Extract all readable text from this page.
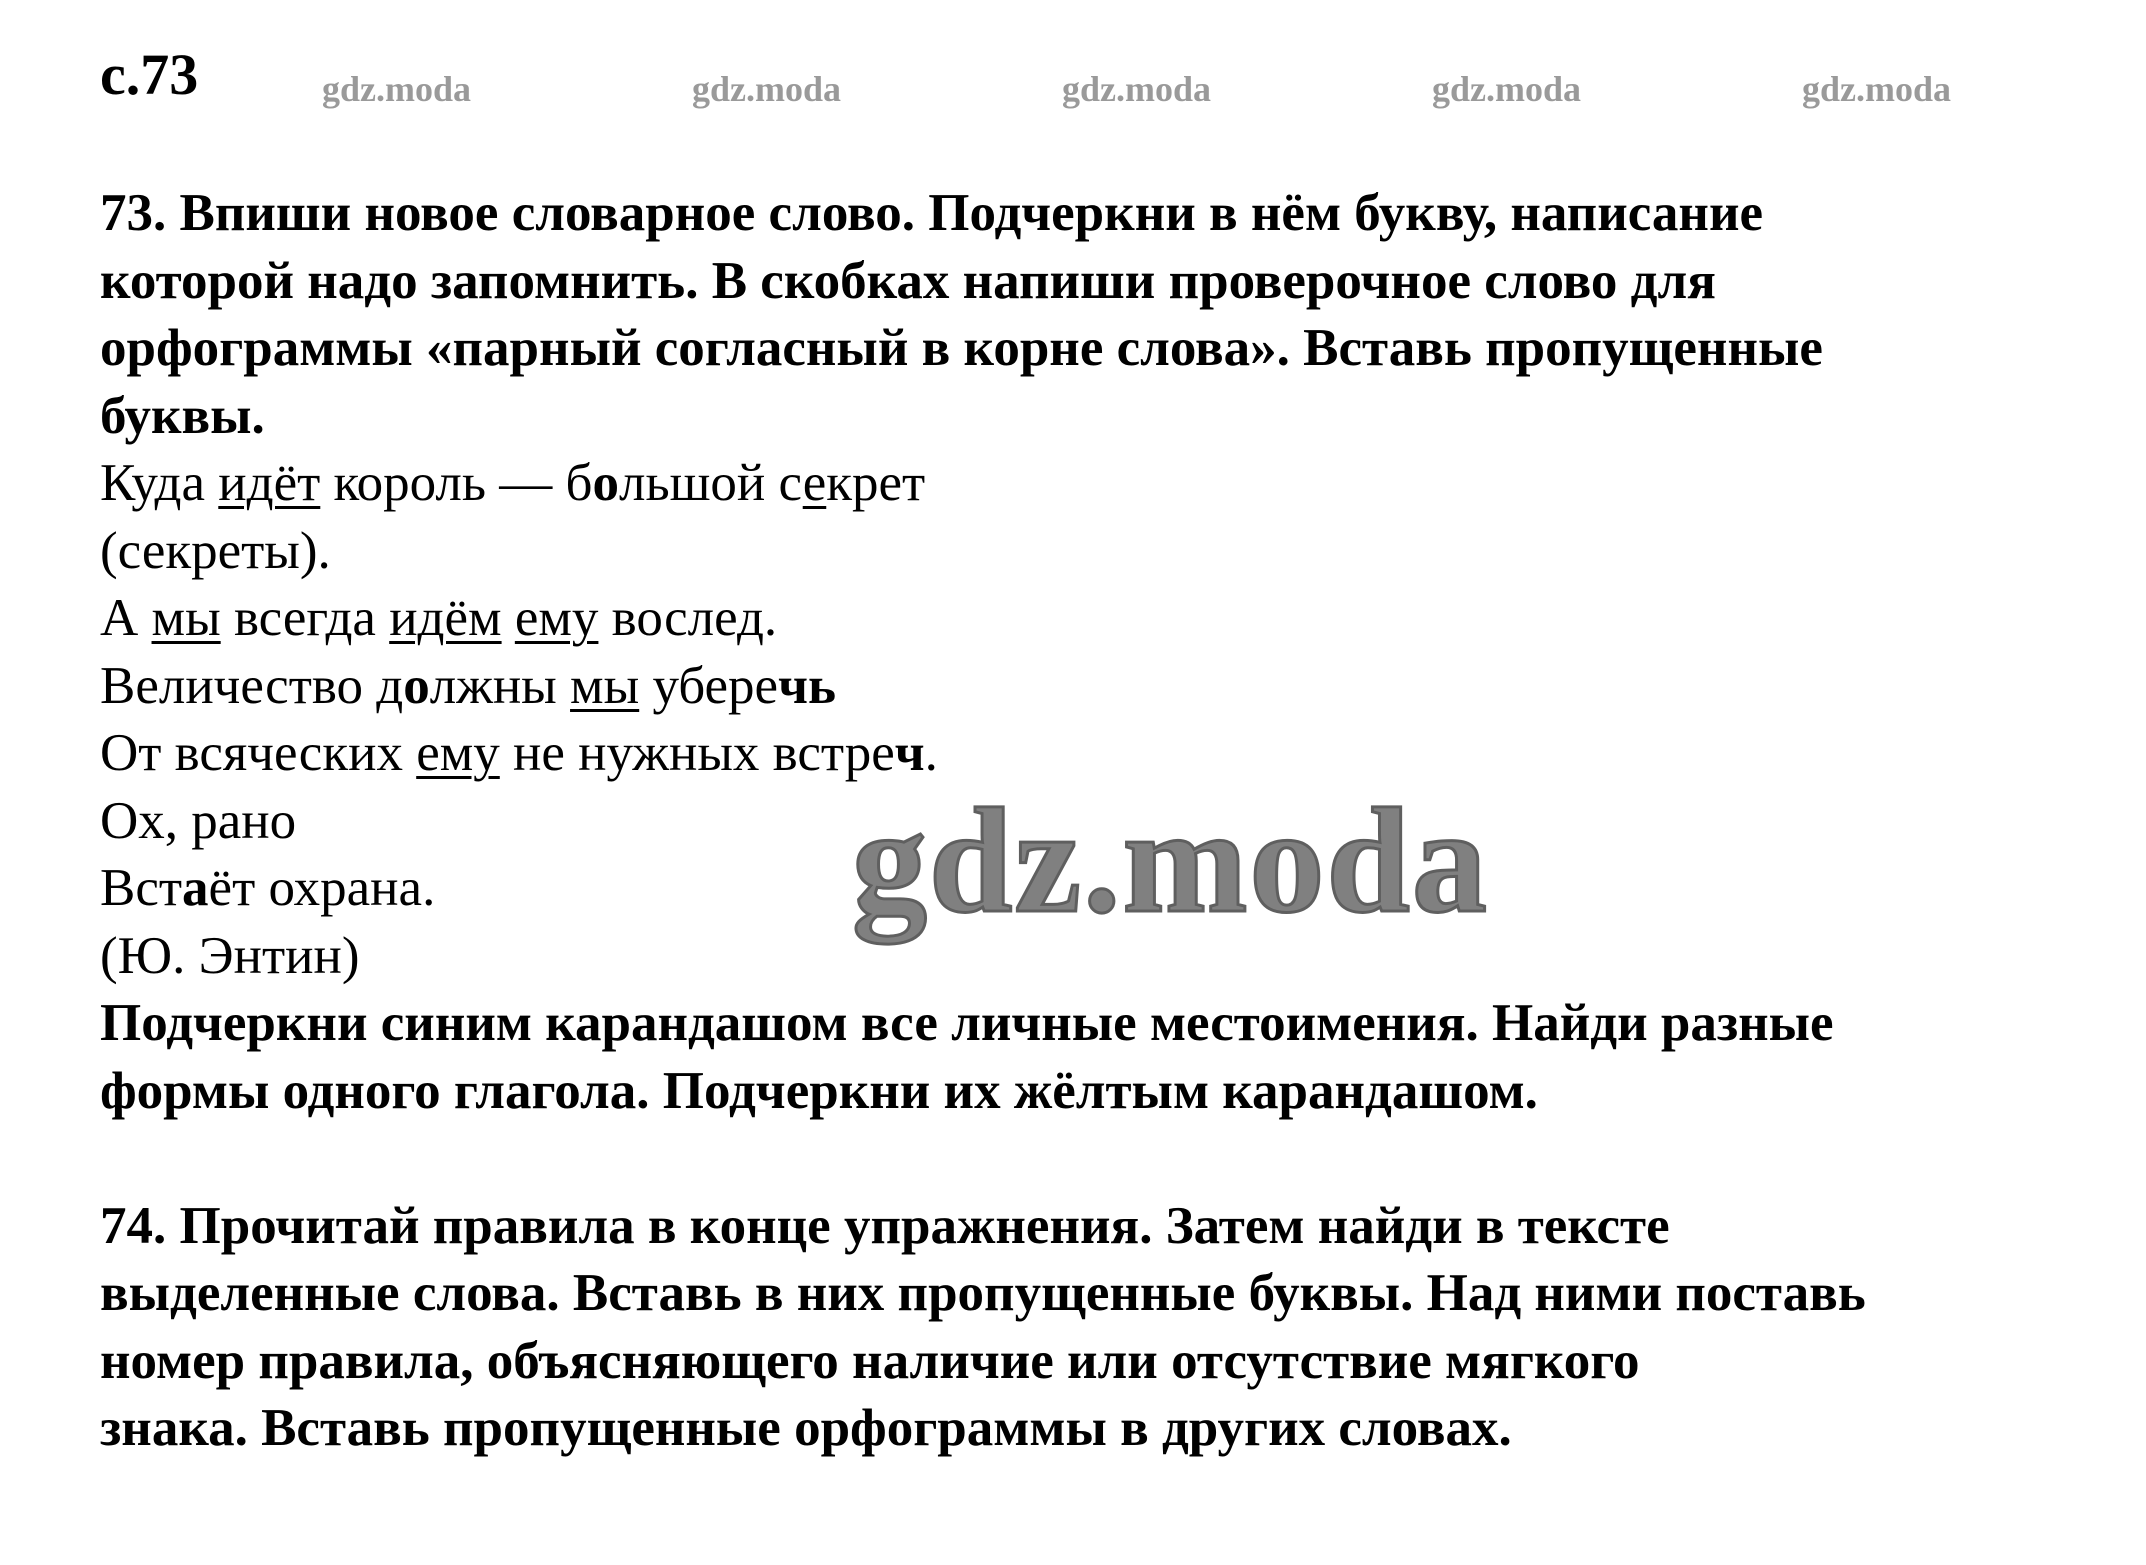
с.73	gdz.moda	gdz.moda	gdz.moda	gdz.moda	gdz.moda
73. Впиши новое словарное слово. Подчеркни в нём букву, написание
которой надо запомнить. В скобках напиши проверочное слово для
орфограммы «парный согласный в корне слова». Вставь пропущенные
буквы.
Куда идёт король — большой секрет
(секреты).
А мы всегда идём ему вослед.
Величество должны мы уберечь
От всяческих ему не нужных встреч.
Ох, рано
Встаёт охрана.
(Ю. Энтин)
Подчеркни синим карандашом все личные местоимения. Найди разные
формы одного глагола. Подчеркни их жёлтым карандашом.
74. Прочитай правила в конце упражнения. Затем найди в тексте
выделенные слова. Вставь в них пропущенные буквы. Над ними поставь
номер правила, объясняющего наличие или отсутствие мягкого
знака. Вставь пропущенные орфограммы в других словах.
gdz.moda
